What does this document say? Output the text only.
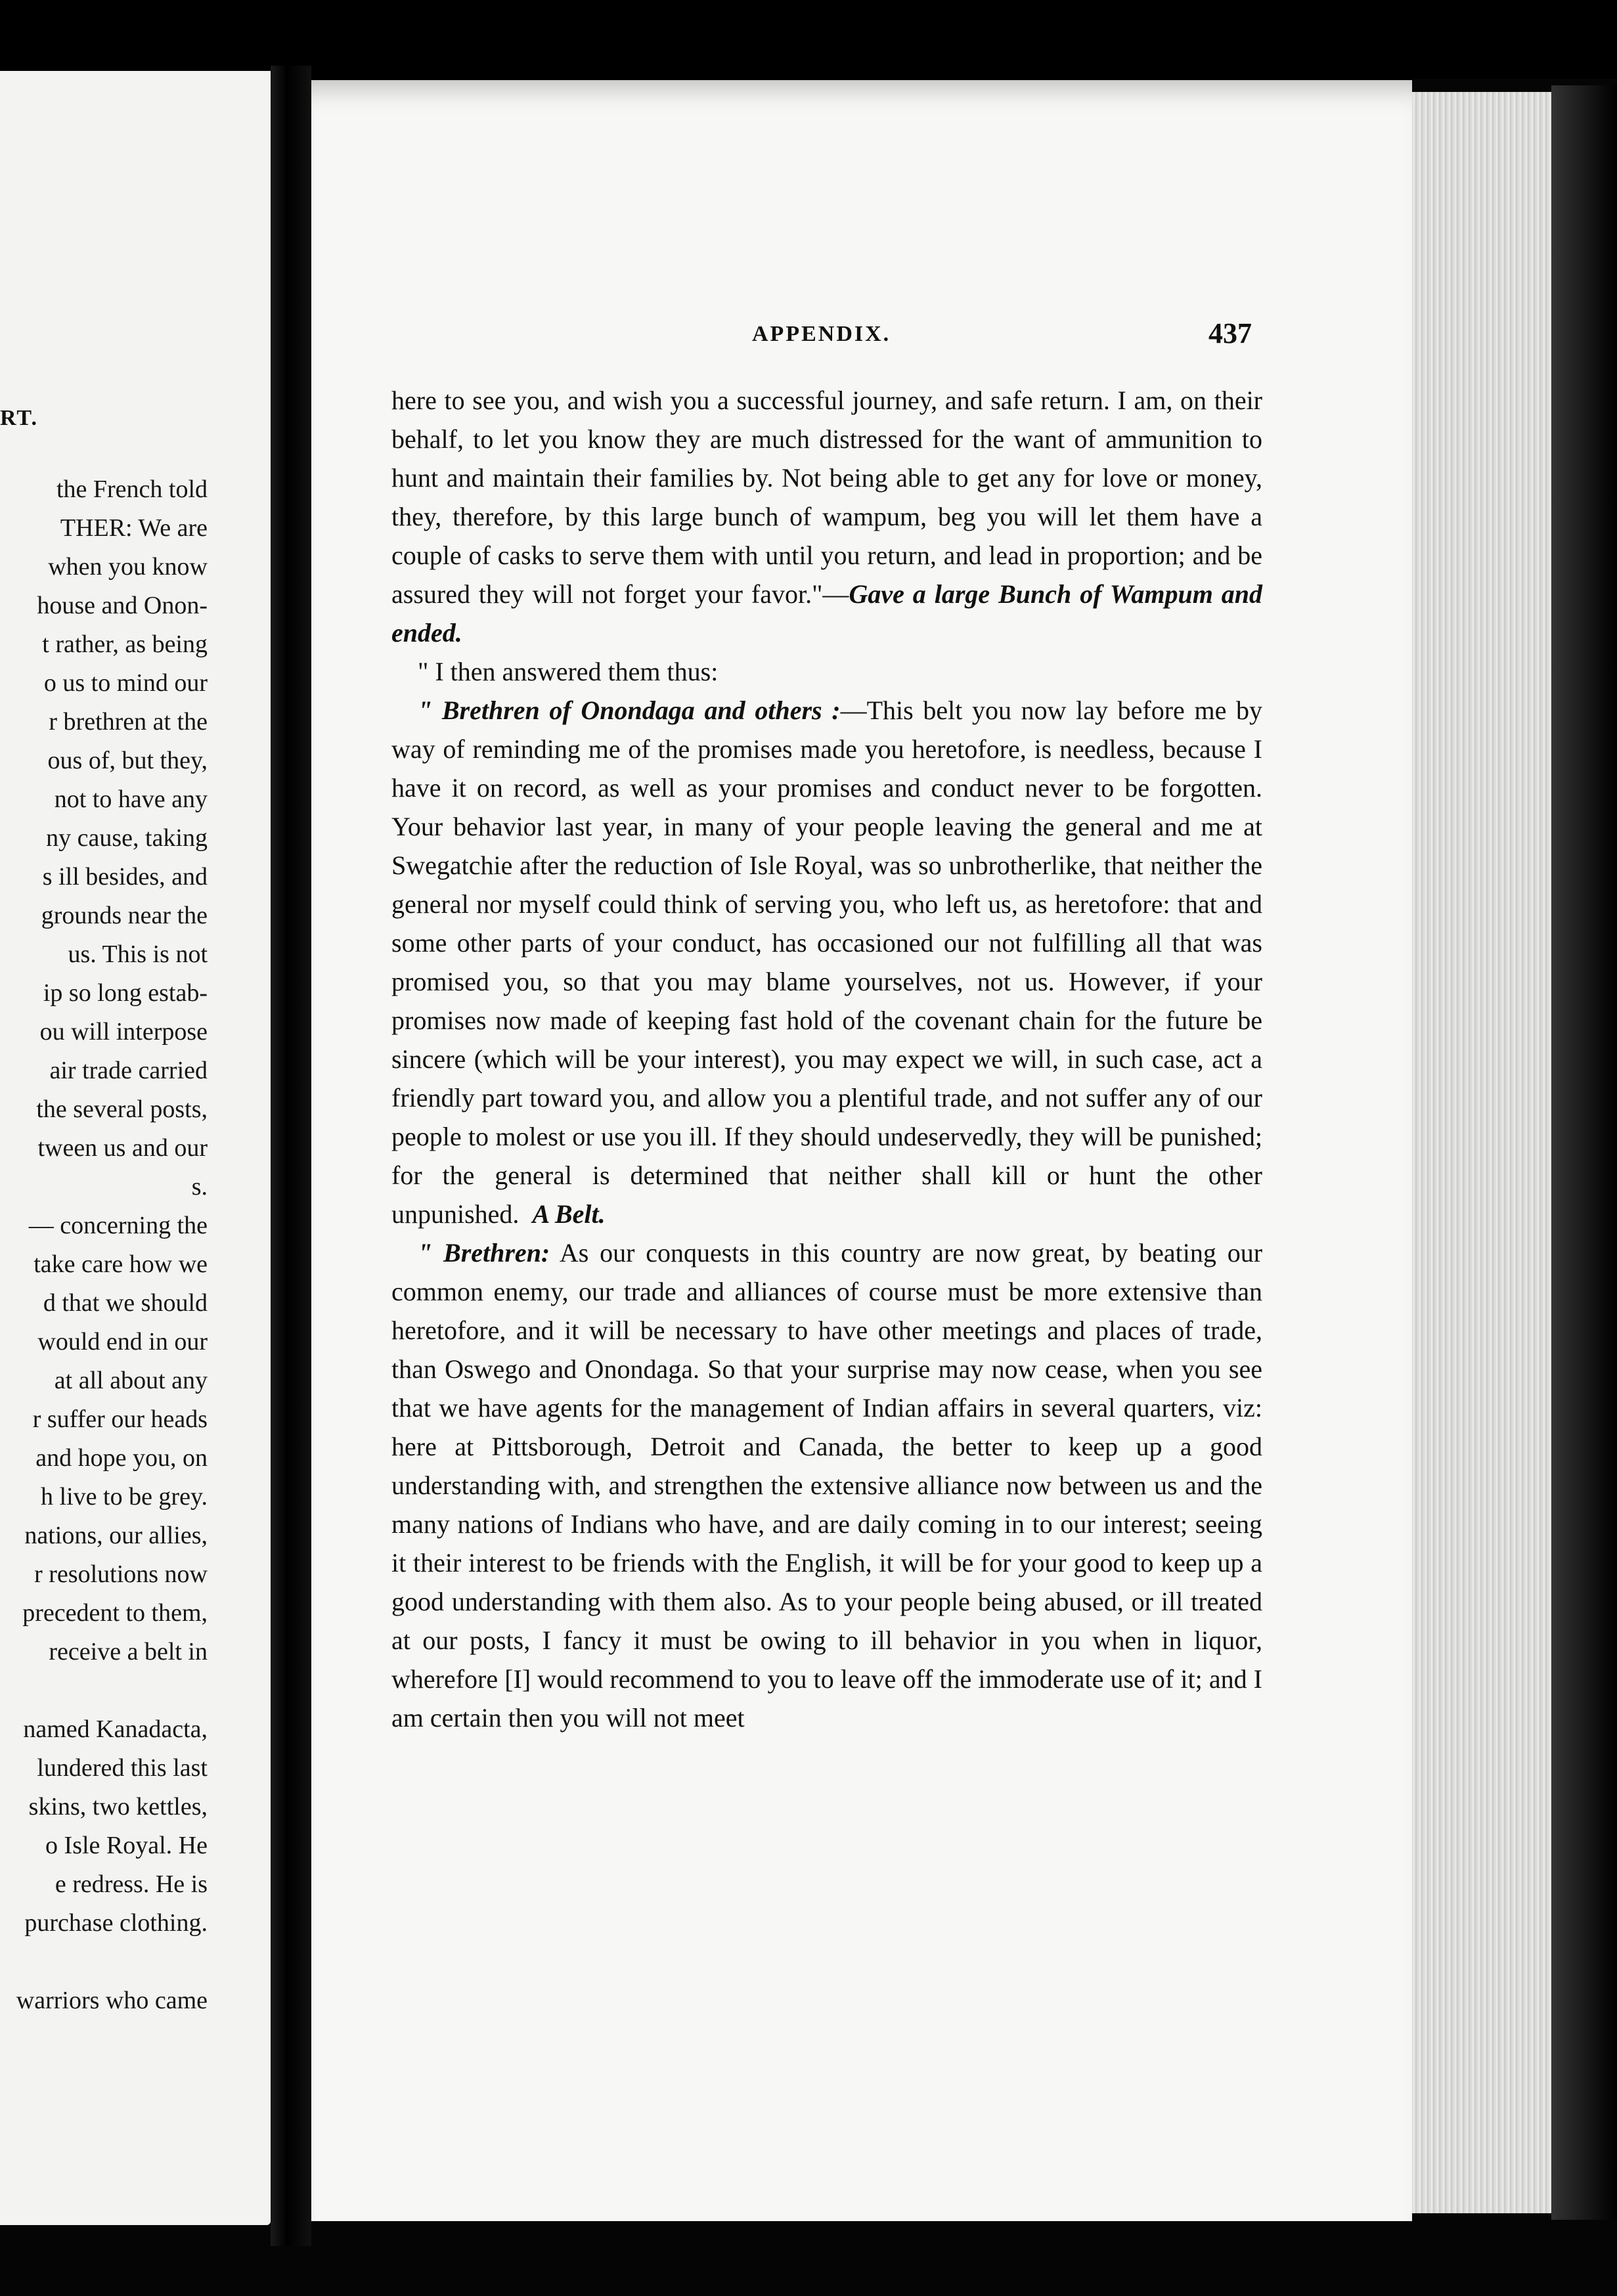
RT.
the French told
THER: We are
when you know
house and Onon-
t rather, as being
o us to mind our
r brethren at the
ous of, but they,
not to have any
ny cause, taking
s ill besides, and
grounds near the
us. This is not
ip so long estab-
ou will interpose
air trade carried
the several posts,
tween us and our
s.
— concerning the
take care how we
d that we should
would end in our
at all about any
r suffer our heads
and hope you, on
h live to be grey.
nations, our allies,
r resolutions now
precedent to them,
receive a belt in
named Kanadacta,
lundered this last
skins, two kettles,
o Isle Royal. He
e redress. He is
purchase clothing.
warriors who came
APPENDIX.	437

here to see you, and wish you a successful journey, and safe return. I am, on their behalf, to let you know they are much distressed for the want of ammunition to hunt and maintain their families by. Not being able to get any for love or money, they, therefore, by this large bunch of wampum, beg you will let them have a couple of casks to serve them with until you return, and lead in proportion; and be assured they will not forget your favor."—Gave a large Bunch of Wampum and ended.

" I then answered them thus:

" Brethren of Onondaga and others :—This belt you now lay before me by way of reminding me of the promises made you heretofore, is needless, because I have it on record, as well as your promises and conduct never to be forgotten. Your behavior last year, in many of your people leaving the general and me at Swegatchie after the reduction of Isle Royal, was so unbrotherlike, that neither the general nor myself could think of serving you, who left us, as heretofore: that and some other parts of your conduct, has occasioned our not fulfilling all that was promised you, so that you may blame yourselves, not us. However, if your promises now made of keeping fast hold of the covenant chain for the future be sincere (which will be your interest), you may expect we will, in such case, act a friendly part toward you, and allow you a plentiful trade, and not suffer any of our people to molest or use you ill. If they should undeservedly, they will be punished; for the general is determined that neither shall kill or hunt the other unpunished. A Belt.

" Brethren: As our conquests in this country are now great, by beating our common enemy, our trade and alliances of course must be more extensive than heretofore, and it will be necessary to have other meetings and places of trade, than Oswego and Onondaga. So that your surprise may now cease, when you see that we have agents for the management of Indian affairs in several quarters, viz: here at Pittsborough, Detroit and Canada, the better to keep up a good understanding with, and strengthen the extensive alliance now between us and the many nations of Indians who have, and are daily coming in to our interest; seeing it their interest to be friends with the English, it will be for your good to keep up a good understanding with them also. As to your people being abused, or ill treated at our posts, I fancy it must be owing to ill behavior in you when in liquor, wherefore [I] would recommend to you to leave off the immoderate use of it; and I am certain then you will not meet
